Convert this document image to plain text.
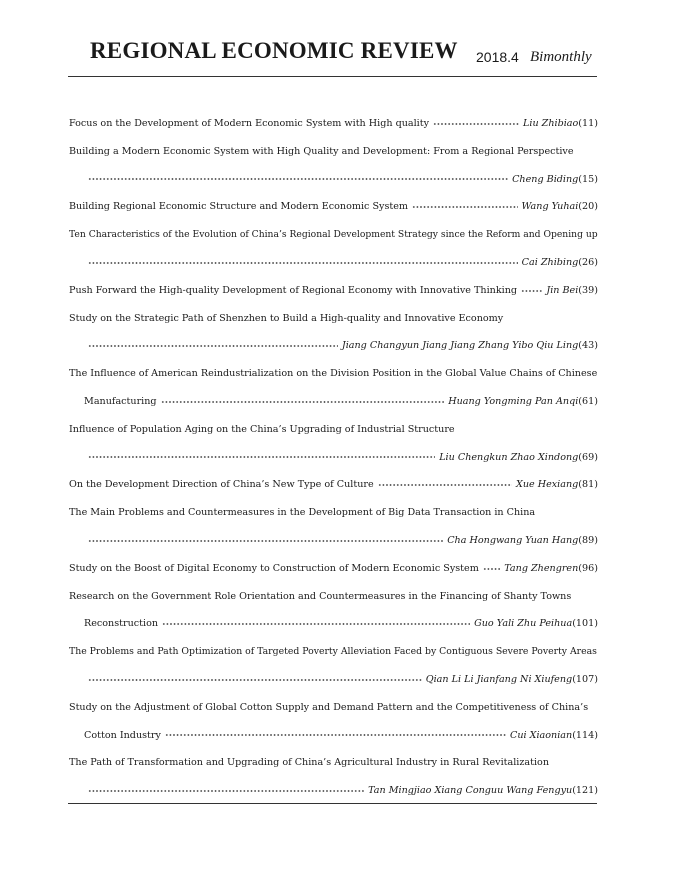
REGIONAL ECONOMIC REVIEW 2018.4 Bimonthly
Focus on the Development of Modern Economic System with High quality	Liu Zhibiao (11)
Building a Modern Economic System with High Quality and Development: From a Regional Perspective
Cheng Biding (15)
Building Regional Economic Structure and Modern Economic System	Wang Yuhai (20)
Ten Characteristics of the Evolution of China’s Regional Development Strategy since the Reform and Opening up
Cai Zhibing (26)
Push Forward the High-quality Development of Regional Economy with Innovative Thinking	Jin Bei (39)
Study on the Strategic Path of Shenzhen to Build a High-quality and Innovative Economy
Jiang Changyun Jiang Jiang Zhang Yibo Qiu Ling (43)
The Influence of American Reindustrialization on the Division Position in the Global Value Chains of Chinese
Manufacturing	Huang Yongming Pan Anqi (61)
Influence of Population Aging on the China’s Upgrading of Industrial Structure
Liu Chengkun Zhao Xindong (69)
On the Development Direction of China’s New Type of Culture	Xue Hexiang (81)
The Main Problems and Countermeasures in the Development of Big Data Transaction in China
Cha Hongwang Yuan Hang (89)
Study on the Boost of Digital Economy to Construction of Modern Economic System	Tang Zhengren (96)
Research on the Government Role Orientation and Countermeasures in the Financing of Shanty Towns
Reconstruction	Guo Yali Zhu Peihua (101)
The Problems and Path Optimization of Targeted Poverty Alleviation Faced by Contiguous Severe Poverty Areas
Qian Li Li Jianfang Ni Xiufeng (107)
Study on the Adjustment of Global Cotton Supply and Demand Pattern and the Competitiveness of China’s
Cotton Industry	Cui Xiaonian (114)
The Path of Transformation and Upgrading of China’s Agricultural Industry in Rural Revitalization
Tan Mingjiao Xiang Conguu Wang Fengyu (121)
